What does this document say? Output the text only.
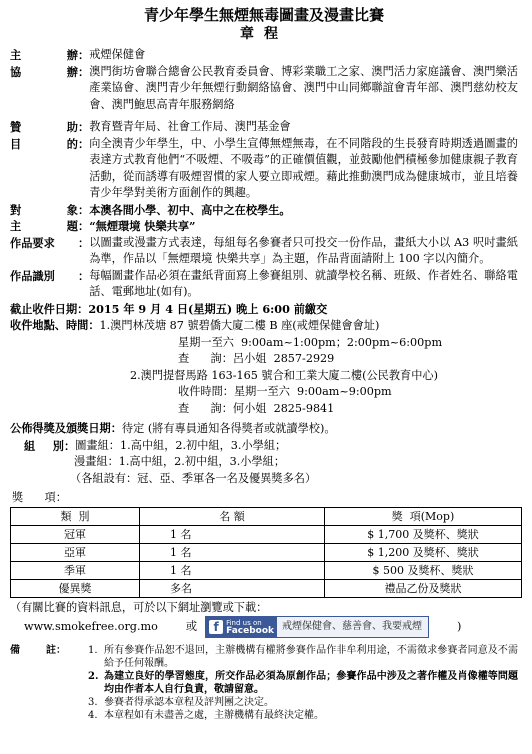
青少年學生無煙無毒圖畫及漫畫比賽
章程
主	辦 ： 戒煙保健會
協	辦 ： 澳門街坊會聯合總會公民教育委員會、博彩業職工之家、澳門活力家庭議會、澳門樂活產業協會、澳門青少年無煙行動網絡協會、澳門中山同鄉聯誼會青年部、澳門慈幼校友會、澳門鮑思高青年服務網絡
贊	助 ： 教育暨青年局、社會工作局、澳門基金會
目	的 ： 向全澳青少年學生，中、小學生宣傳無煙無毒，在不同階段的生長發育時期透過圖畫的表達方式教育他們“不吸煙、不吸毒”的正確價值觀，並鼓勵他們積極參加健康親子教育活動，從而誘導有吸煙習慣的家人要立即戒煙。藉此推動澳門成為健康城市，並且培養青少年學對美術方面創作的興趣。
對	象 ： 本澳各間小學、初中、高中之在校學生。
主	題 ： “無煙環境 快樂共享”
作品要求	： 以圖畫或漫畫方式表達，每組每名參賽者只可投交一份作品，畫紙大小以 A3 呎吋畫紙為準，作品以「無煙環境 快樂共享」為主題，作品背面請附上 100 字以內簡介。
作品識別	： 每幅圖畫作品必須在畫紙背面寫上參賽組別、就讀學校名稱、班級、作者姓名、聯絡電話、電郵地址(如有)。
截止收件日期：2015 年 9 月 4 日(星期五) 晚上 6:00 前繳交
收件地點、時間：1.澳門林茂塘 87 號碧僑大廈二樓 B 座(戒煙保健會會址)
星期一至六  9:00am~1:00pm；2:00pm~6:00pm
查      詢：呂小姐  2857-2929
2.澳門提督馬路 163-165 號合和工業大廈二樓(公民教育中心)
收件時間：星期一至六  9:00am~9:00pm
查      詢：何小姐  2825-9841
公佈得獎及頒獎日期：待定 (將有專員通知各得獎者或就讀學校)。
組 別 ： 圖畫組：1.高中組，2.初中組，3.小學組；
漫畫組：1.高中組，2.初中組，3.小學組；
（各組設有：冠、亞、季軍各一名及優異獎多名）
獎      項：
類  別	名 額	獎  項(Mop)
冠軍	1 名	$ 1,700 及獎杯、獎狀
亞軍	1 名	$ 1,200 及獎杯、獎狀
季軍	1 名	$ 500 及獎杯、獎狀
優異獎	多名	禮品乙份及獎狀
（有關比賽的資料訊息，可於以下網址瀏覽或下載：
www.smokefree.org.mo	或	f	Find us on
Facebook 戒煙保健會、慈善會、我要戒煙	)
備	註 ： 1. 所有參賽作品恕不退回，主辦機構有權將參賽作品作非牟利用途，不需徵求參賽者同意及不需給予任何報酬。
2. 為建立良好的學習態度，所交作品必須為原創作品；參賽作品中涉及之著作權及肖像權等問題均由作者本人自行負責，敬請留意。
3. 參賽者得承認本章程及評判團之決定。
4. 本章程如有未盡善之處，主辦機構有最終決定權。
